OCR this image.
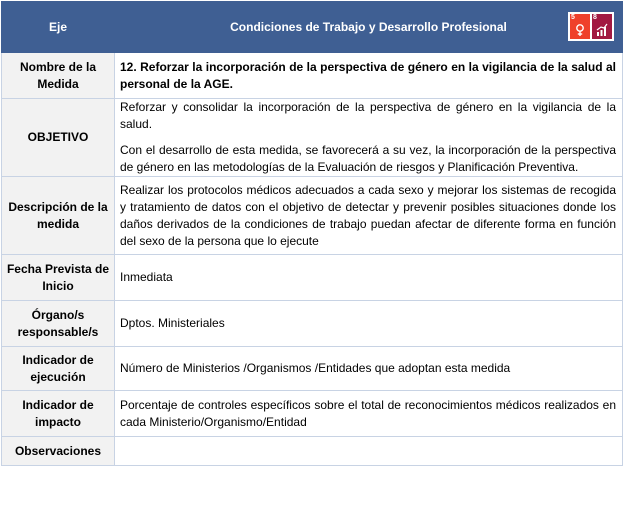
Eje	Condiciones de Trabajo y Desarrollo Profesional
5 8

Nombre de la Medida	12. Reforzar la incorporación de la perspectiva de género en la vigilancia de la salud al personal de la AGE.
OBJETIVO	Reforzar y consolidar la incorporación de la perspectiva de género en la vigilancia de la salud.

Con el desarrollo de esta medida, se favorecerá a su vez, la incorporación de la perspectiva de género en las metodologías de la Evaluación de riesgos y Planificación Preventiva.

Descripción de la medida	Realizar los protocolos médicos adecuados a cada sexo y mejorar los sistemas de recogida y tratamiento de datos con el objetivo de detectar y prevenir posibles situaciones donde los daños derivados de la condiciones de trabajo puedan afectar de diferente forma en función del sexo de la persona que lo ejecute
Fecha Prevista de Inicio	Inmediata
Órgano/s responsable/s	Dptos. Ministeriales
Indicador de ejecución	Número de Ministerios /Organismos /Entidades que adoptan esta medida
Indicador de impacto	Porcentaje de controles específicos sobre el total de reconocimientos médicos realizados en cada Ministerio/Organismo/Entidad
Observaciones	
